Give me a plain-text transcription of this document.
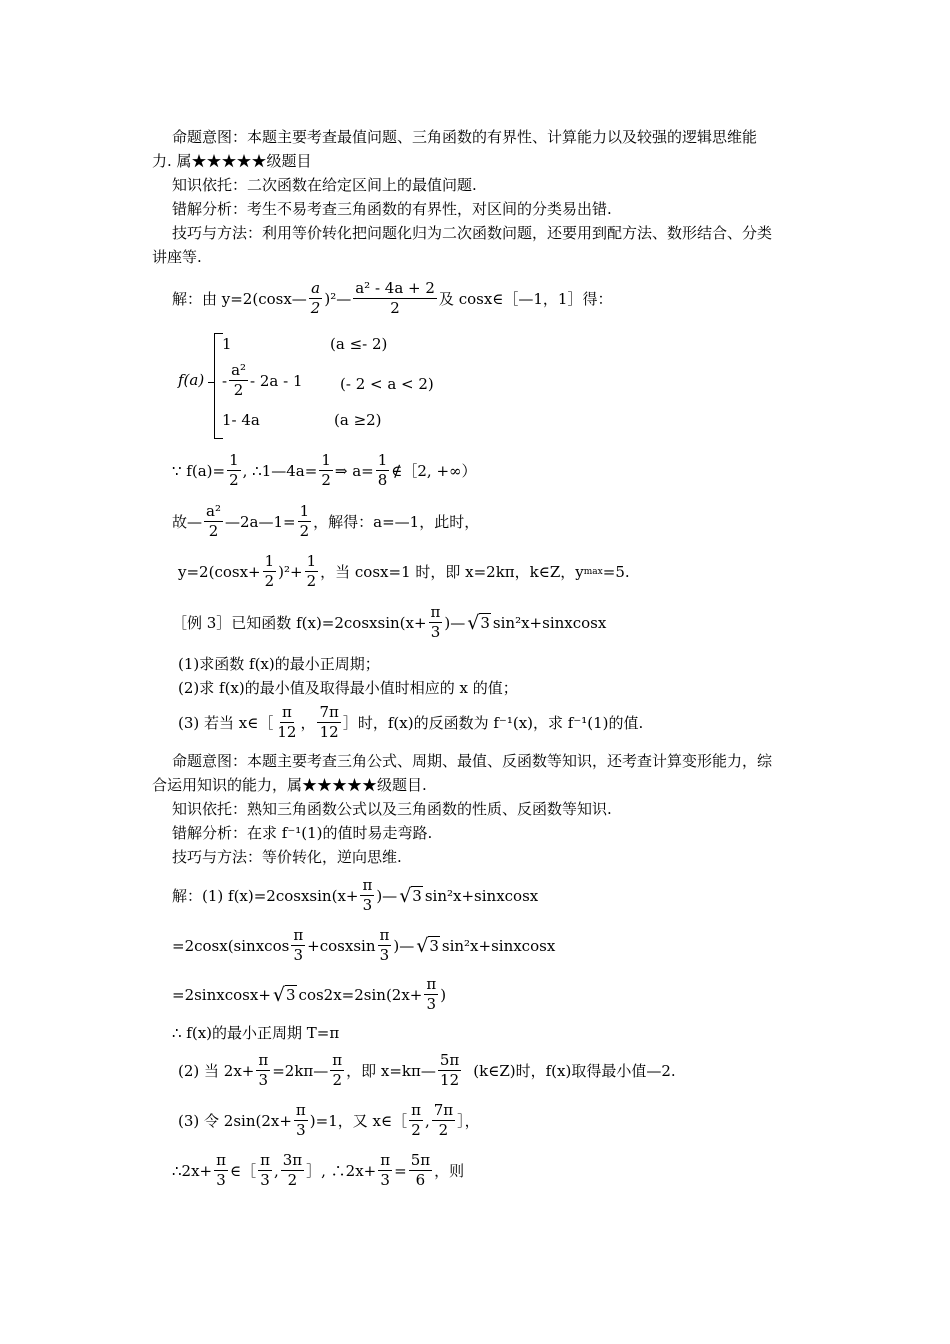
命题意图：本题主要考查最值问题、三角函数的有界性、计算能力以及较强的逻辑思维能
力. 属★★★★★级题目
知识依托：二次函数在给定区间上的最值问题.
错解分析：考生不易考查三角函数的有界性，对区间的分类易出错.
技巧与方法：利用等价转化把问题化归为二次函数问题，还要用到配方法、数形结合、分类
讲座等.
解：由 y=2(cosx— $\frac{a}{2}$ )²— $\frac{\text{a² - 4a + 2}}{2}$ 及 cosx∈［—1，1］得：
f(a)
1	(a ≤- 2)
- $\frac{\text{a²}}{2} - 2a - 1$ (- 2 < a < 2)
1- 4a	(a ≥2)
∵ $f(a)= \frac{1}{2}$ , ∴1—4a= $\frac{1}{2}$ ⇒ $a= \frac{1}{8}$ ∉［2, +∞）
故— $\frac{\text{a²}}{2}$ —2a—1= $\frac{1}{2}$ ，解得：a=—1，此时，
$y=2(\cos x+ \frac{1}{2} )^2+ \frac{1}{2}$ ，当 cosx=1 时，即 x=2kπ，k∈Z，y max =5.
［例 3］已知函数 f(x)=2cosxsin(x+ $\frac{\pi}{3}$ )— √ 3 sin²x+sinxcosx
(1)求函数 f(x)的最小正周期；
(2)求 f(x)的最小值及取得最小值时相应的 x 的值；
(3) 若当 x∈［ $\frac{\pi}{12}$ ， $\frac{7\pi}{12}$ ］时，f(x)的反函数为 f⁻¹(x)，求 f⁻¹(1)的值.
命题意图：本题主要考查三角公式、周期、最值、反函数等知识，还考查计算变形能力，综
合运用知识的能力，属★★★★★级题目.
知识依托：熟知三角函数公式以及三角函数的性质、反函数等知识.
错解分析：在求 f⁻¹(1)的值时易走弯路.
技巧与方法：等价转化，逆向思维.
解：(1) f(x)=2cosxsin(x+ $\frac{\pi}{3}$ )— √ 3 sin²x+sinxcosx
=2cosx(sinxcos $\frac{\pi}{3}$ +cosxsin $\frac{\pi}{3}$ )— √ 3 sin²x+sinxcosx
=2sinxcosx+ √ 3 $\cos 2x=2\sin(2x+ \frac{\pi}{3}$ )
∴ f(x)的最小正周期 T=π
(2) 当 $2x+ \frac{\pi}{3}$ =2kπ— $\frac{\pi}{2}$ ，即 x=kπ— $\frac{5\pi}{12}$ (k∈Z)时，f(x)取得最小值—2.
(3) 令 $2\sin(2x+ \frac{\pi}{3} )=1$，又 x∈［ $\frac{\pi}{2}$ , $\frac{7\pi}{2}$ ］，
∴2x+ $\frac{\pi}{3}$ ∈［ $\frac{\pi}{3}$ , $\frac{3\pi}{2}$ ］, ∴2x+ $\frac{\pi}{3} = \frac{5\pi}{6}$ ，则
